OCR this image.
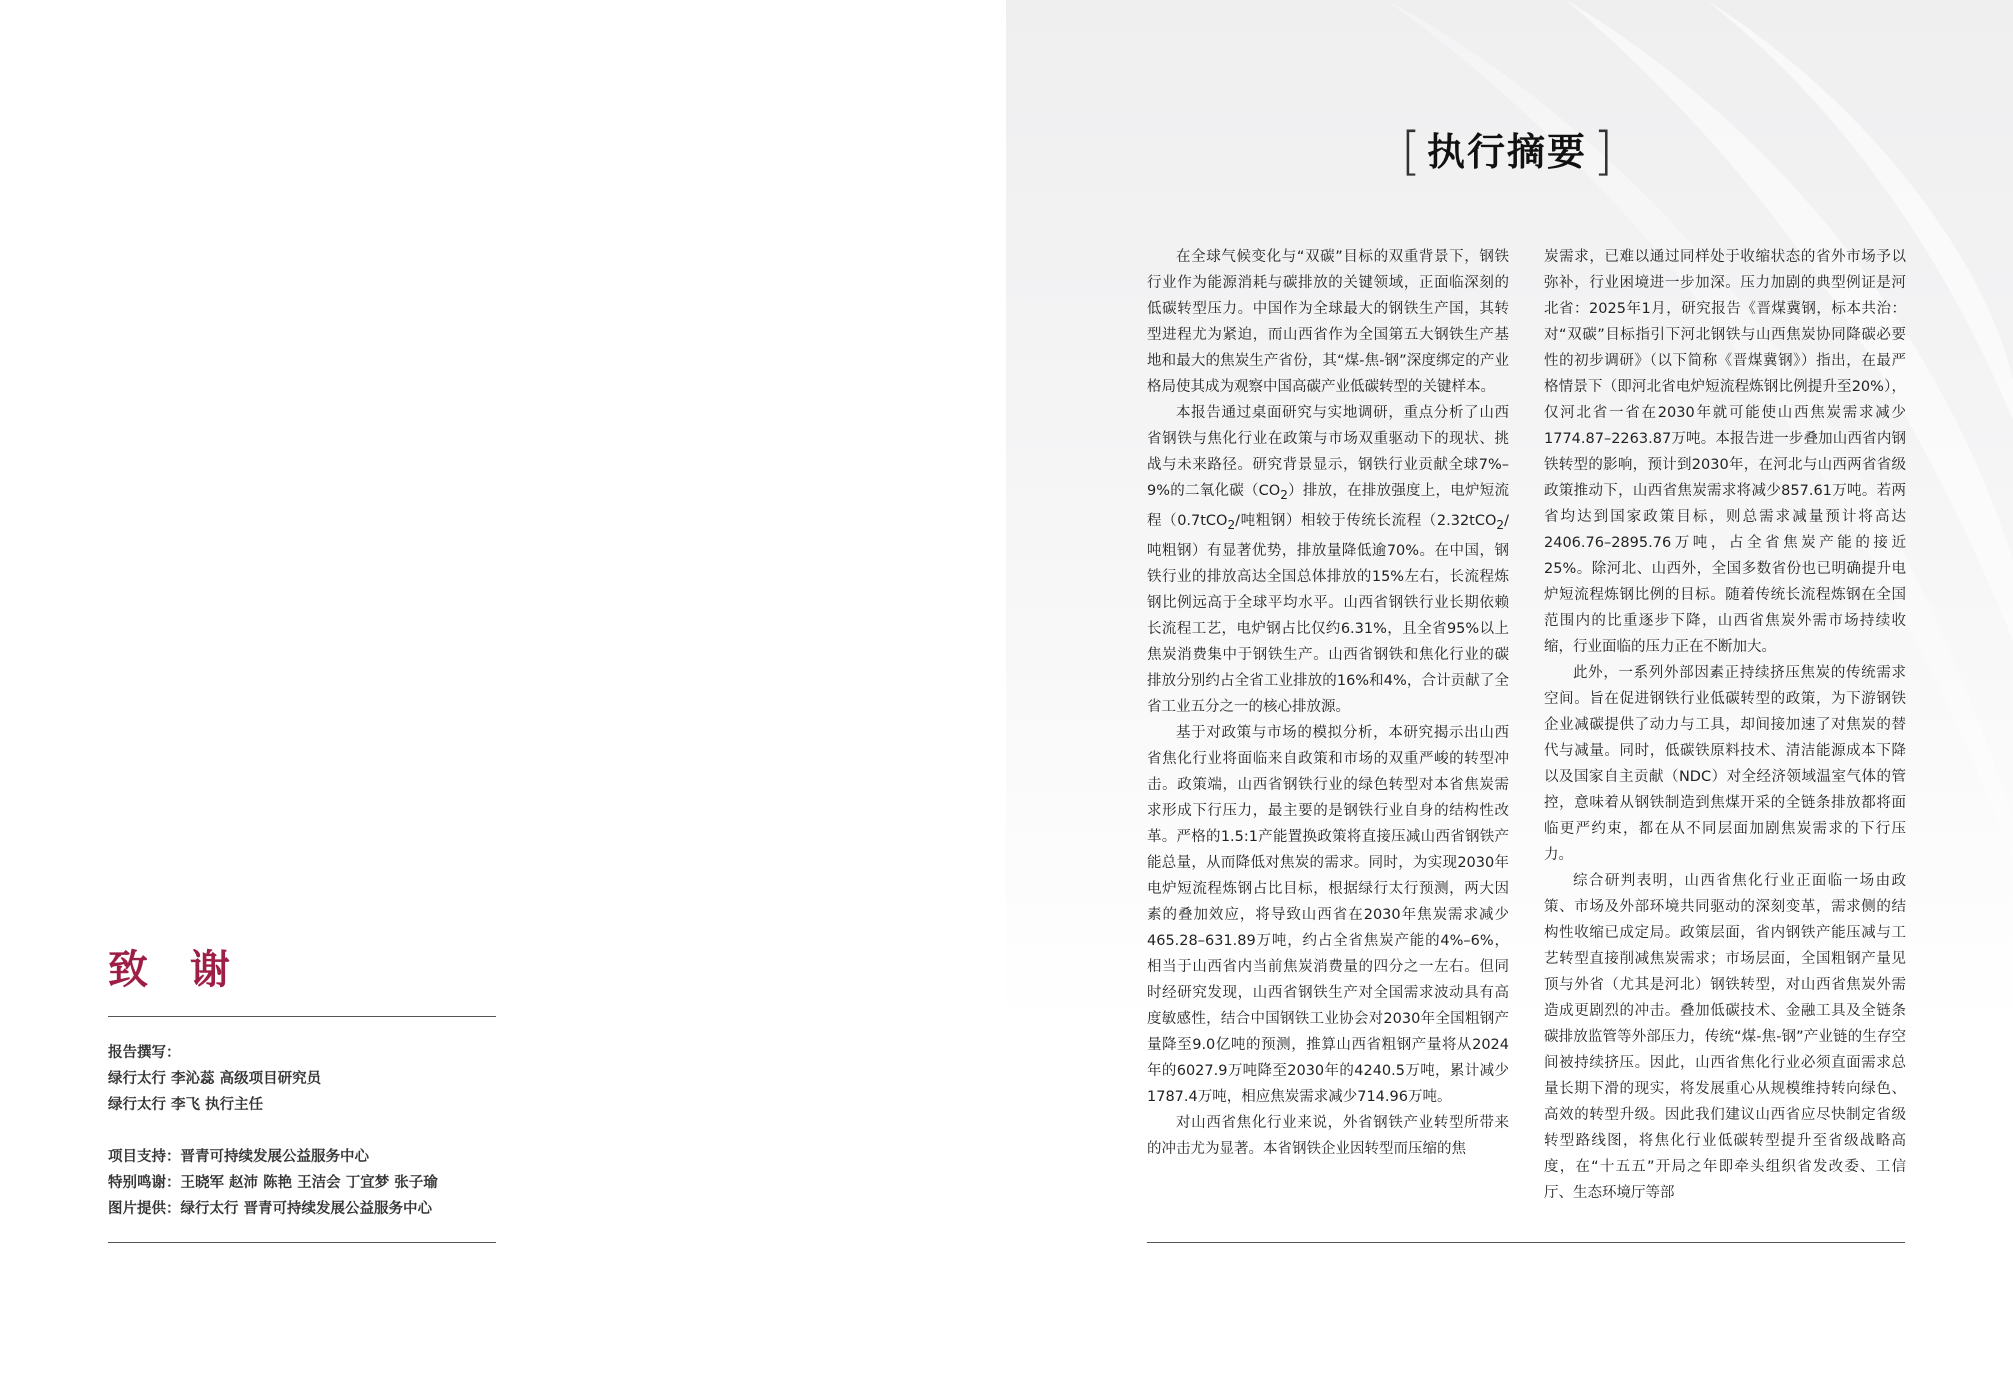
致 谢
报告撰写：
绿行太行 李沁蕊 高级项目研究员
绿行太行 李飞 执行主任
项目支持：晋青可持续发展公益服务中心
特别鸣谢：王晓军 赵沛 陈艳 王洁会 丁宜梦 张子瑜
图片提供：绿行太行 晋青可持续发展公益服务中心
[ 执行摘要 ]

在全球气候变化与“双碳”目标的双重背景下，钢铁行业作为能源消耗与碳排放的关键领域，正面临深刻的低碳转型压力。中国作为全球最大的钢铁生产国，其转型进程尤为紧迫，而山西省作为全国第五大钢铁生产基地和最大的焦炭生产省份，其“煤-焦-钢”深度绑定的产业格局使其成为观察中国高碳产业低碳转型的关键样本。

本报告通过桌面研究与实地调研，重点分析了山西省钢铁与焦化行业在政策与市场双重驱动下的现状、挑战与未来路径。研究背景显示，钢铁行业贡献全球7%–9%的二氧化碳$(CO_2)$排放，在排放强度上，电炉短流程（0.7tCO$_2$/吨粗钢）相较于传统长流程（2.32tCO$_2$/吨粗钢）有显著优势，排放量降低逾70%。在中国，钢铁行业的排放高达全国总体排放的15%左右，长流程炼钢比例远高于全球平均水平。山西省钢铁行业长期依赖长流程工艺，电炉钢占比仅约6.31%，且全省95%以上焦炭消费集中于钢铁生产。山西省钢铁和焦化行业的碳排放分别约占全省工业排放的16%和4%，合计贡献了全省工业五分之一的核心排放源。

基于对政策与市场的模拟分析，本研究揭示出山西省焦化行业将面临来自政策和市场的双重严峻的转型冲击。政策端，山西省钢铁行业的绿色转型对本省焦炭需求形成下行压力，最主要的是钢铁行业自身的结构性改革。严格的1.5:1产能置换政策将直接压减山西省钢铁产能总量，从而降低对焦炭的需求。同时，为实现2030年电炉短流程炼钢占比目标，根据绿行太行预测，两大因素的叠加效应，将导致山西省在2030年焦炭需求减少465.28–631.89万吨，约占全省焦炭产能的4%–6%，相当于山西省内当前焦炭消费量的四分之一左右。但同时经研究发现，山西省钢铁生产对全国需求波动具有高度敏感性，结合中国钢铁工业协会对2030年全国粗钢产量降至9.0亿吨的预测，推算山西省粗钢产量将从2024年的6027.9万吨降至2030年的4240.5万吨，累计减少1787.4万吨，相应焦炭需求减少714.96万吨。

对山西省焦化行业来说，外省钢铁产业转型所带来的冲击尤为显著。本省钢铁企业因转型而压缩的焦

炭需求，已难以通过同样处于收缩状态的省外市场予以弥补，行业困境进一步加深。压力加剧的典型例证是河北省：2025年1月，研究报告《晋煤冀钢，标本共治：对“双碳”目标指引下河北钢铁与山西焦炭协同降碳必要性的初步调研》（以下简称《晋煤冀钢》）指出，在最严格情景下（即河北省电炉短流程炼钢比例提升至20%），仅河北省一省在2030年就可能使山西焦炭需求减少1774.87–2263.87万吨。本报告进一步叠加山西省内钢铁转型的影响，预计到2030年，在河北与山西两省省级政策推动下，山西省焦炭需求将减少857.61万吨。若两省均达到国家政策目标，则总需求减量预计将高达2406.76–2895.76万吨，占全省焦炭产能的接近25%。除河北、山西外，全国多数省份也已明确提升电炉短流程炼钢比例的目标。随着传统长流程炼钢在全国范围内的比重逐步下降，山西省焦炭外需市场持续收缩，行业面临的压力正在不断加大。

此外，一系列外部因素正持续挤压焦炭的传统需求空间。旨在促进钢铁行业低碳转型的政策，为下游钢铁企业减碳提供了动力与工具，却间接加速了对焦炭的替代与减量。同时，低碳铁原料技术、清洁能源成本下降以及国家自主贡献（NDC）对全经济领域温室气体的管控，意味着从钢铁制造到焦煤开采的全链条排放都将面临更严约束，都在从不同层面加剧焦炭需求的下行压力。

综合研判表明，山西省焦化行业正面临一场由政策、市场及外部环境共同驱动的深刻变革，需求侧的结构性收缩已成定局。政策层面，省内钢铁产能压减与工艺转型直接削减焦炭需求；市场层面，全国粗钢产量见顶与外省（尤其是河北）钢铁转型，对山西省焦炭外需造成更剧烈的冲击。叠加低碳技术、金融工具及全链条碳排放监管等外部压力，传统“煤-焦-钢”产业链的生存空间被持续挤压。因此，山西省焦化行业必须直面需求总量长期下滑的现实，将发展重心从规模维持转向绿色、高效的转型升级。因此我们建议山西省应尽快制定省级转型路线图，将焦化行业低碳转型提升至省级战略高度，在“十五五”开局之年即牵头组织省发改委、工信厅、生态环境厅等部
